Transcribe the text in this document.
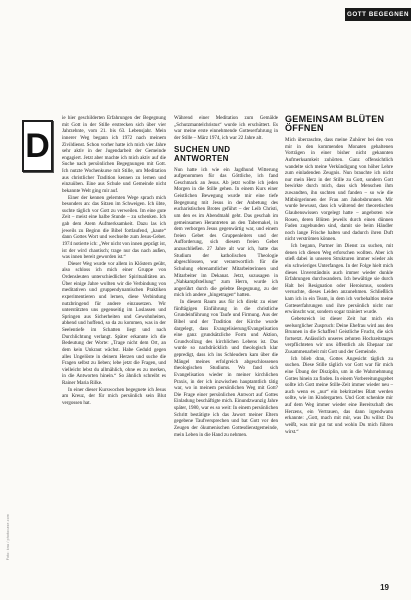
GOTT BEGEGNEN
Foto: kna / photocase.com
D

ie hier geschilderten Erfahrungen der Begegnung mit Gott in der Stille erstrecken sich über vier Jahrzehnte, vom 21. bis 63. Lebensjahr. Mein innerer Weg begann ich 1972 nach meinem Zivildienst. Schon vorher hatte ich mich vier Jahre sehr aktiv in der Jugendarbeit der Gemeinde engagiert. Jetzt aber machte ich mich aktiv auf die Suche nach persönlichen Begegnungen mit Gott. Ich nutzte Wochenkurse mit Stille, um Meditation aus christlicher Tradition kennen zu lernen und einzuüben. Eine aus Schule und Gemeinde nicht bekannte Welt ging mir auf.

Einer der kennen gelernten Wege sprach mich besonders an: das Sitzen im Schweigen. Ich übte, suchte täglich vor Gott zu verweilen. Im eine gute Zeit – meist eine halbe Stunde – zu schenken. Ich gab dem Atem Aufmerksamkeit. Dazu las ich jeweils zu Beginn die Bibel fortlaufend, „kaute“ dann Gottes Wort und wechselte zum Jesus-Gebet. 1974 notierte ich: „Wer nicht von innen geprägt ist, ist der wird chaotisch; trage nur das nach außen, was innen bereit geworden ist.“

Dieser Weg wurde vor allem in Klöstern geübt, also schloss ich mich einer Gruppe von Ordensleuten unterschiedlicher Spiritualitäten an. Über einige Jahre wollten wir die Verbindung von meditativen und gruppendynamischen Praktiken experimentieren und lernen, diese Verbindung nutzbringend für andere einzusetzen. Wir unterstützten uns gegenseitig im Loslassen und Springen aus Sicherheiten und Gewohnheiten, abhend und hoffend, so da zu kommen, was in der Seelentiefe im Schatten liegt und nach Durchlichtung verlangt. Später erkannte ich die Bedeutung der Worte: „Trage nicht dem Ort, an dem kein Unkraut wächst. Habe Geduld gegen alles Ungelöste in deinem Herzen und suche die Fragen selbst zu lieben; lebe jetzt die Fragen, und vielleicht lebst du allmählich, ohne es zu merken, in die Antworten hinein.“ So ähnlich schreibt es Rainer Maria Rilke.

In einer dieser Kurswochen begegnete ich Jesus am Kreuz, der für mich persönlich sein Blut vergossen hat.

Während einer Meditation zum Gemälde „Schutzmantelchristus“ wurde ich erschüttert. Es war meine erste einnehmende Gotteserfahrung in der Stille – März 1974, ich war 22 Jahre alt.

SUCHEN UND ANTWORTEN

Nun hatte ich wie ein Jagdhund Witterung aufgenommen für das Göttliche, ich fand Geschmack an Jesus. Ab jetzt wollte ich jeden Morgen in die Stille gehen. In einem Kurs einer Geistlichen Bewegung wurde mir eine tiefe Begegnung mit Jesus in der Anbetung des eucharistischen Brotes geführt – der Leib Christi, um den es im Abendmahl geht. Das geschah im gemeinsamen Herantreten an den Tabernakel, in dem verborgen Jesus gegenwärtig war, und einem freien Gebet des Gruppenleiters und der Aufforderung, sich diesem freien Gebet anzuschließen. 27 Jahre alt war ich, hatte das Studium der katholischen Theologie abgeschlossen, war verantwortlich für die Schulung ehrenamtlicher Mitarbeiterinnen und Mitarbeiter im Dekanat. Jetzt, sozusagen in „Nahkampfstellung“ zum Herrn, wurde ich angerührt durch die gelebte Begegnung, zu der mich ich andere „hingetragen“ hatten.

In diesem Raum aus für ich direkt zu einer fünftägigen Einführung in die christliche Grundeinführung von Taufe und Firmung. Aus der Bibel und der Tradition der Kirche wurde dargelegt, dass Evangelisierung/Evangelisation eine ganz grundsätzliche Form und Aktion, Grundvollzug des kirchlichen Lebens ist. Das wurde so nachdrücklich und theologisch klar gepredigt, dass ich ins Schleudern kam über die Mängel meines erfolgreich abgeschlossenen theologischen Studiums. Wo fand sich Evangelisation wieder in meiner kirchlichen Praxis, in der ich inzwischen hauptamtlich tätig war, wo in meinem persönlichen Weg mit Gott? Die Frage einer persönlichen Antwort auf Gottes Einladung beschäftigte mich. Einundzwanzig Jahre später, 1980, war es so weit: In einem persönlichen Schritt bestätigte ich das Jawort meiner Eltern gegebene Taufversprechen und bat Gott vor den Zeugen der ökumenischen Gottesdienstgemeinde, mein Leben in die Hand zu nehmen.

GEMEINSAM BLÜTEN ÖFFNEN

Mich überraschte, dass meine Zuhörer bei den von mir in den kommenden Monaten gehaltenen Vorträgen in einer bisher nicht gekannten Aufmerksamkeit zuhörten. Ganz offensichtlich wandelte sich meine Verkündigung von höher Lehre zum einladenden Zeugnis. Nun brauchte ich nicht nur mein Herz in der Stille zu Gott, sondern Gott bewirkte durch mich, dass sich Menschen ihm zuwandten, ihn suchten und fanden – so wie die Mitbürgerinnen der Frau am Jakobsbrunnen. Mir wurde bewusst, dass ich während der theoretischen Glaubenswissen vorgelegt hatte – angeboten wie Rosen, deren Blüten jeweils durch einen dünnen Faden zugebunden sind, damit sie beim Händler noch lange Frische halten und dadurch ihren Duft nicht verströmen können.

Ich begann, Partner im Dienst zu suchen, mit denen ich diesen Weg erforschen wollten. Aber ich stieß dabei in unseren Strukturen immer wieder als ein schwieriges Unterfangen. In der Folge hielt mich dieses Unverständnis auch immer wieder dunkle Erfahrungen durchwandern. Ich bewältige sie durch Halt bei Resignation oder Heroismus, sondern versuchte, dieses Leiden anzunehmen. Schließlich kam ich in ein Team, in dem ich vorbehaltlos meine Gotteserfahrungen und ihre persönlich nicht nur erwünscht war, sondern sogar trainiert wurde.

Gebetsreich ist dieser Zeit hat mich ein seelsorglicher Zuspruch: Deine Ehefrau wird aus den Brunnen in die Schaffen! Geistliche Frucht, die sich fortsetzt. Anlässlich unseres zehnten Hochzeitstages verpflichteten wir uns öffentlich als Ehepaar zur Zusammenarbeit mit Gott und der Gemeinde.

Ich blieb dran, Gottes Angesicht täglich zu suchen. Diese Stille täglich vor Gott war für mich eine Übung der Disziplin, um in die Wahrnehmung Gottes hinein zu finden. In einem Vorbereitungsgebet sollte ich Gott meine Stille-Zeit immer wieder neu – auch wenn es „nur“ ein bekritzeltes Blatt werden sollte, wie im Kindergarten. Und Gott schenkte mir auf dem Weg immer wieder eine Bereitschaft des Herzens, ein Vertrauen, das dann irgendwann erkannte: „Gott, mach mit mir, was Du willst: Du weißt, was mir gut tut und wohin Du mich führen wirst.“

19
